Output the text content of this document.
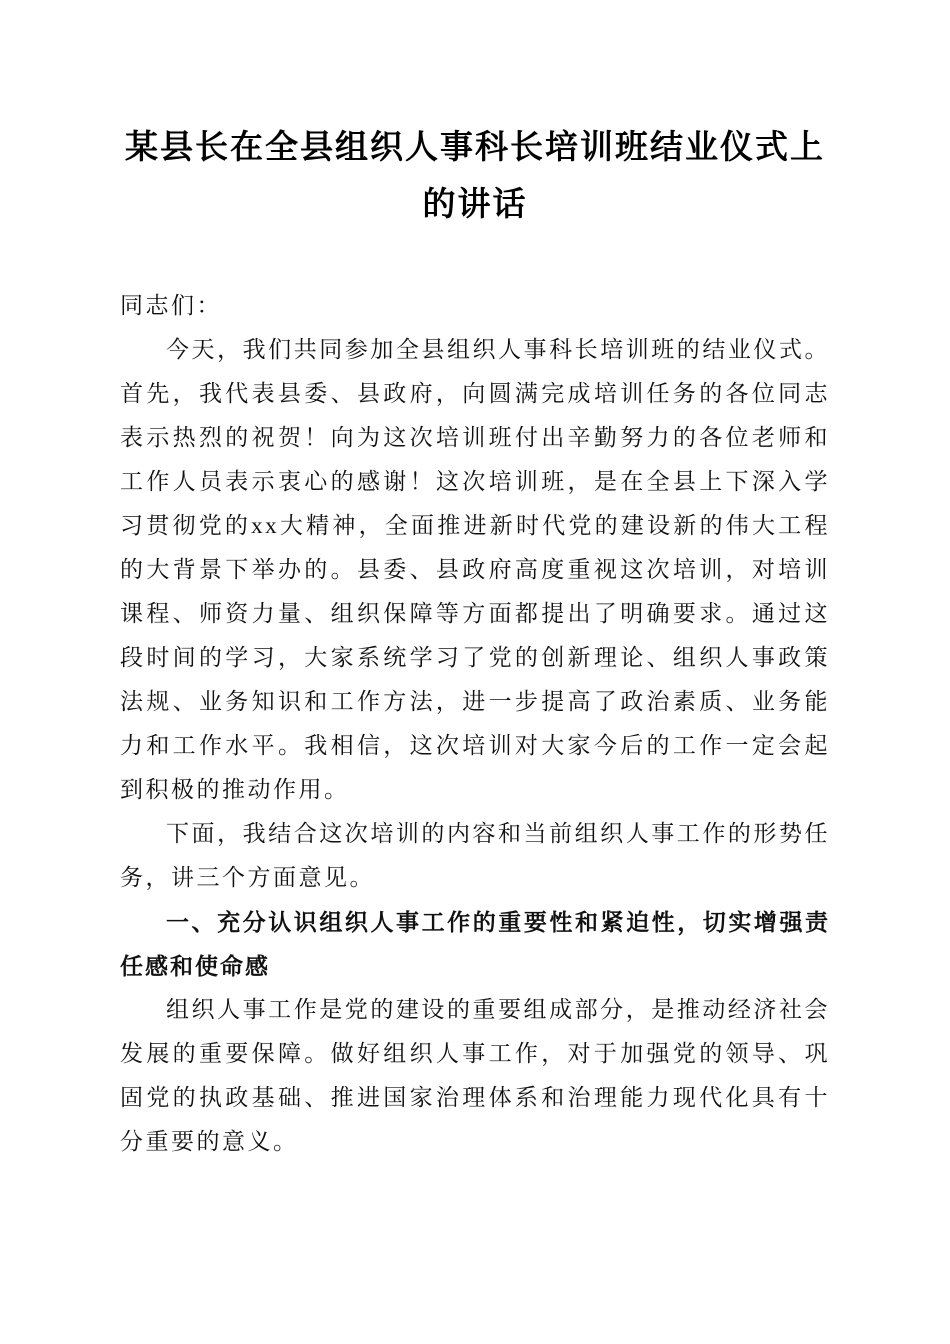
某县长在全县组织人事科长培训班结业仪式上的讲话

同志们：

今天，我们共同参加全县组织人事科长培训班的结业仪式。首先，我代表县委、县政府，向圆满完成培训任务的各位同志表示热烈的祝贺！向为这次培训班付出辛勤努力的各位老师和工作人员表示衷心的感谢！这次培训班，是在全县上下深入学习贯彻党的xx大精神，全面推进新时代党的建设新的伟大工程的大背景下举办的。县委、县政府高度重视这次培训，对培训课程、师资力量、组织保障等方面都提出了明确要求。通过这段时间的学习，大家系统学习了党的创新理论、组织人事政策法规、业务知识和工作方法，进一步提高了政治素质、业务能力和工作水平。我相信，这次培训对大家今后的工作一定会起到积极的推动作用。

下面，我结合这次培训的内容和当前组织人事工作的形势任务，讲三个方面意见。

一、充分认识组织人事工作的重要性和紧迫性，切实增强责任感和使命感

组织人事工作是党的建设的重要组成部分，是推动经济社会发展的重要保障。做好组织人事工作，对于加强党的领导、巩固党的执政基础、推进国家治理体系和治理能力现代化具有十分重要的意义。
